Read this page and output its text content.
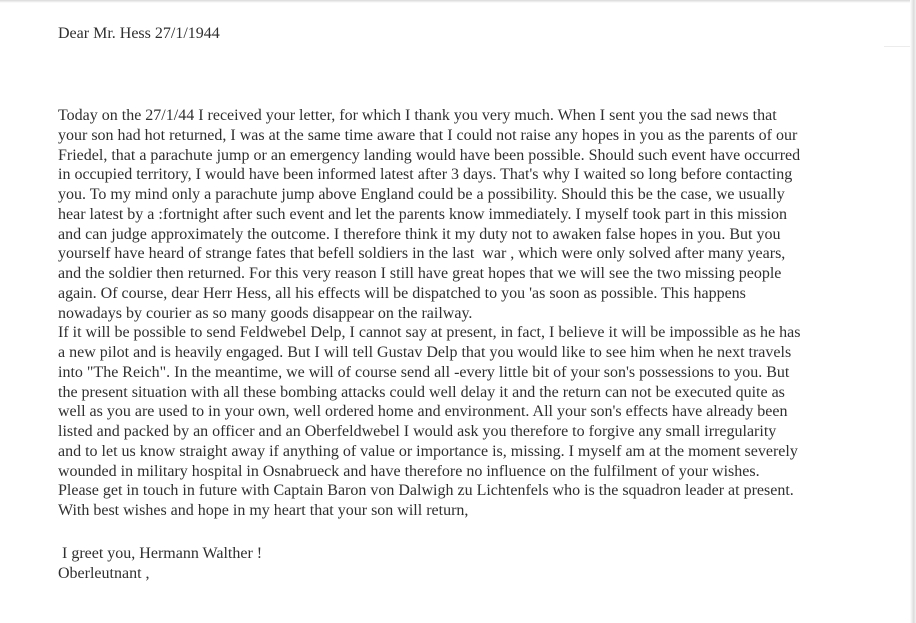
Dear Mr. Hess 27/1/1944
Today on the 27/1/44 I received your letter, for which I thank you very much. When I sent you the sad news that
your son had hot returned, I was at the same time aware that I could not raise any hopes in you as the parents of our
Friedel, that a parachute jump or an emergency landing would have been possible. Should such event have occurred
in occupied territory, I would have been informed latest after 3 days. That's why I waited so long before contacting
you. To my mind only a parachute jump above England could be a possibility. Should this be the case, we usually
hear latest by a :fortnight after such event and let the parents know immediately. I myself took part in this mission
and can judge approximately the outcome. I therefore think it my duty not to awaken false hopes in you. But you
yourself have heard of strange fates that befell soldiers in the last  war , which were only solved after many years,
and the soldier then returned. For this very reason I still have great hopes that we will see the two missing people
again. Of course, dear Herr Hess, all his effects will be dispatched to you 'as soon as possible. This happens
nowadays by courier as so many goods disappear on the railway.
If it will be possible to send Feldwebel Delp, I cannot say at present, in fact, I believe it will be impossible as he has
a new pilot and is heavily engaged. But I will tell Gustav Delp that you would like to see him when he next travels
into "The Reich". In the meantime, we will of course send all -every little bit of your son's possessions to you. But
the present situation with all these bombing attacks could well delay it and the return can not be executed quite as
well as you are used to in your own, well ordered home and environment. All your son's effects have already been
listed and packed by an officer and an Oberfeldwebel I would ask you therefore to forgive any small irregularity
and to let us know straight away if anything of value or importance is, missing. I myself am at the moment severely
wounded in military hospital in Osnabrueck and have therefore no influence on the fulfilment of your wishes.
Please get in touch in future with Captain Baron von Dalwigh zu Lichtenfels who is the squadron leader at present.
With best wishes and hope in my heart that your son will return,
I greet you, Hermann Walther !
Oberleutnant ,
